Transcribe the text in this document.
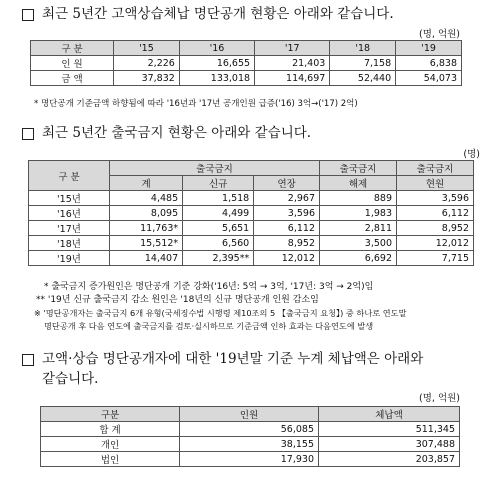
최근 5년간 고액상습체납 명단공개 현황은 아래와 같습니다.
(명, 억원)
구 분	'15	'16	'17	'18	'19
인 원	2,226	16,655	21,403	7,158	6,838
금 액	37,832	133,018	114,697	52,440	54,073
* 명단공개 기준금액 하향됨에 따라 '16년과 '17년 공개인원 급증('16) 3억→('17) 2억)
최근 5년간 출국금지 현황은 아래와 같습니다.
(명)
구 분	출국금지			출국금지	출국금지
	계	신규	연장	해제	현원
'15년	4,485	1,518	2,967	889	3,596
'16년	8,095	4,499	3,596	1,983	6,112
'17년	11,763*	5,651	6,112	2,811	8,952
'18년	15,512*	6,560	8,952	3,500	12,012
'19년	14,407	2,395**	12,012	6,692	7,715
* 출국금지 증가원인은 명단공개 기준 강화('16년: 5억 → 3억, '17년: 3억 → 2억)임
** '19년 신규 출국금지 감소 원인은 '18년의 신규 명단공개 인원 감소임
※ '명단공개자는 출국금지 6개 유형(국세징수법 시행령 제10조의 5 【출국금지 요청】) 중 하나로 연도말
명단공개 후 다음 연도에 출국금지를 검토·실시하므로 기준금액 인하 효과는 다음연도에 발생
고액·상습 명단공개자에 대한 '19년말 기준 누계 체납액은 아래와
같습니다.
(명, 억원)
구분	인원	체납액
합 계	56,085	511,345
개인	38,155	307,488
법인	17,930	203,857
